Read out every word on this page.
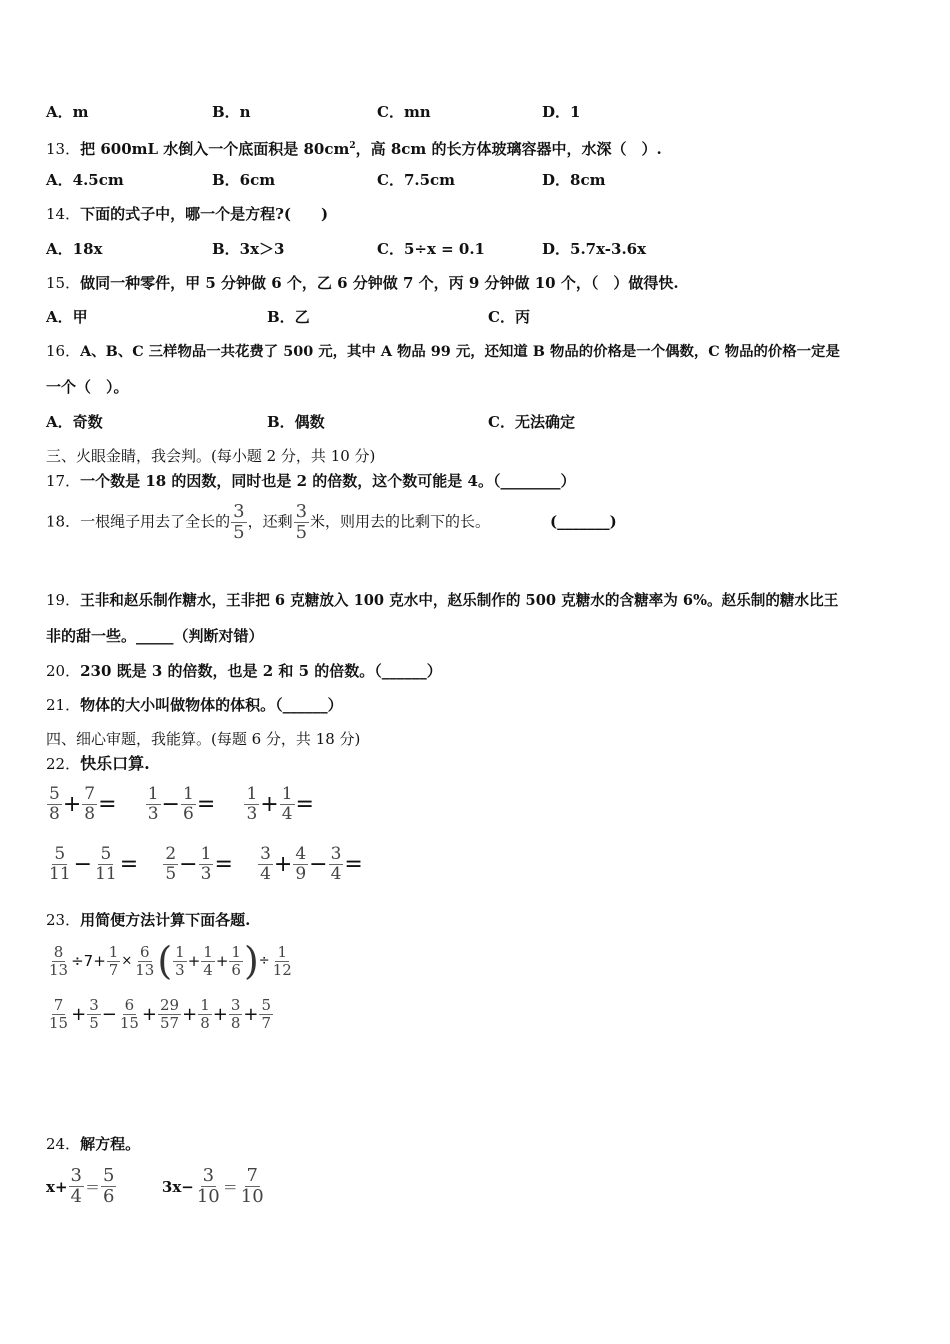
A．m	B．n	C．mn	D．1
13．把 600mL 水倒入一个底面积是 $80cm^2$，高 8cm 的长方体玻璃容器中，水深（　）.
A．4.5cm	B．6cm	C．7.5cm	D．8cm
14．下面的式子中，哪一个是方程?(　　)
A．18x	B．3x＞3	C．5÷x = 0.1	D．5.7x-3.6x
15．做同一种零件，甲 5 分钟做 6 个，乙 6 分钟做 7 个，丙 9 分钟做 10 个，（　）做得快.
A．甲	B．乙	C．丙
16．A、B、C 三样物品一共花费了 500 元，其中 A 物品 99 元，还知道 B 物品的价格是一个偶数，C 物品的价格一定是
一个（　）。
A．奇数	B．偶数	C．无法确定
三、火眼金睛，我会判。(每小题 2 分，共 10 分)
17．一个数是 18 的因数，同时也是 2 的倍数，这个数可能是 4。（________）
18．一根绳子用去了全长的 $\frac{3}{5}$ ，还剩 $\frac{3}{5}$ 米，则用去的比剩下的长。	(_______)
19．王非和赵乐制作糖水，王非把 6 克糖放入 100 克水中，赵乐制作的 500 克糖水的含糖率为 6%。赵乐制的糖水比王
非的甜一些。_____（判断对错）
20．230 既是 3 的倍数，也是 2 和 5 的倍数。（______）
21．物体的大小叫做物体的体积。（______）
四、细心审题，我能算。(每题 6 分，共 18 分)
22．快乐口算.
$\frac{5}{8} + \frac{7}{8} = \frac{1}{3} - \frac{1}{6} = \frac{1}{3} + \frac{1}{4}$ =
$\frac{5}{11} - \frac{5}{11} = \frac{2}{5} - \frac{1}{3} = \frac{3}{4} + \frac{4}{9} - \frac{3}{4}$ =
23．用简便方法计算下面各题.
$\frac{8}{13} \div 7+ \frac{1}{7} \times \frac{6}{13}$ ( $\frac{1}{3} + \frac{1}{4} + \frac{1}{6}$ )÷ $\frac{1}{12}$
$\frac{7}{15} + \frac{3}{5} - \frac{6}{15} + \frac{29}{57} + \frac{1}{8} + \frac{3}{8} + \frac{5}{7}$
24．解方程。
$x+ \frac{3}{4} = \frac{5}{6}$	$3x- \frac{3}{10} = \frac{7}{10}$
